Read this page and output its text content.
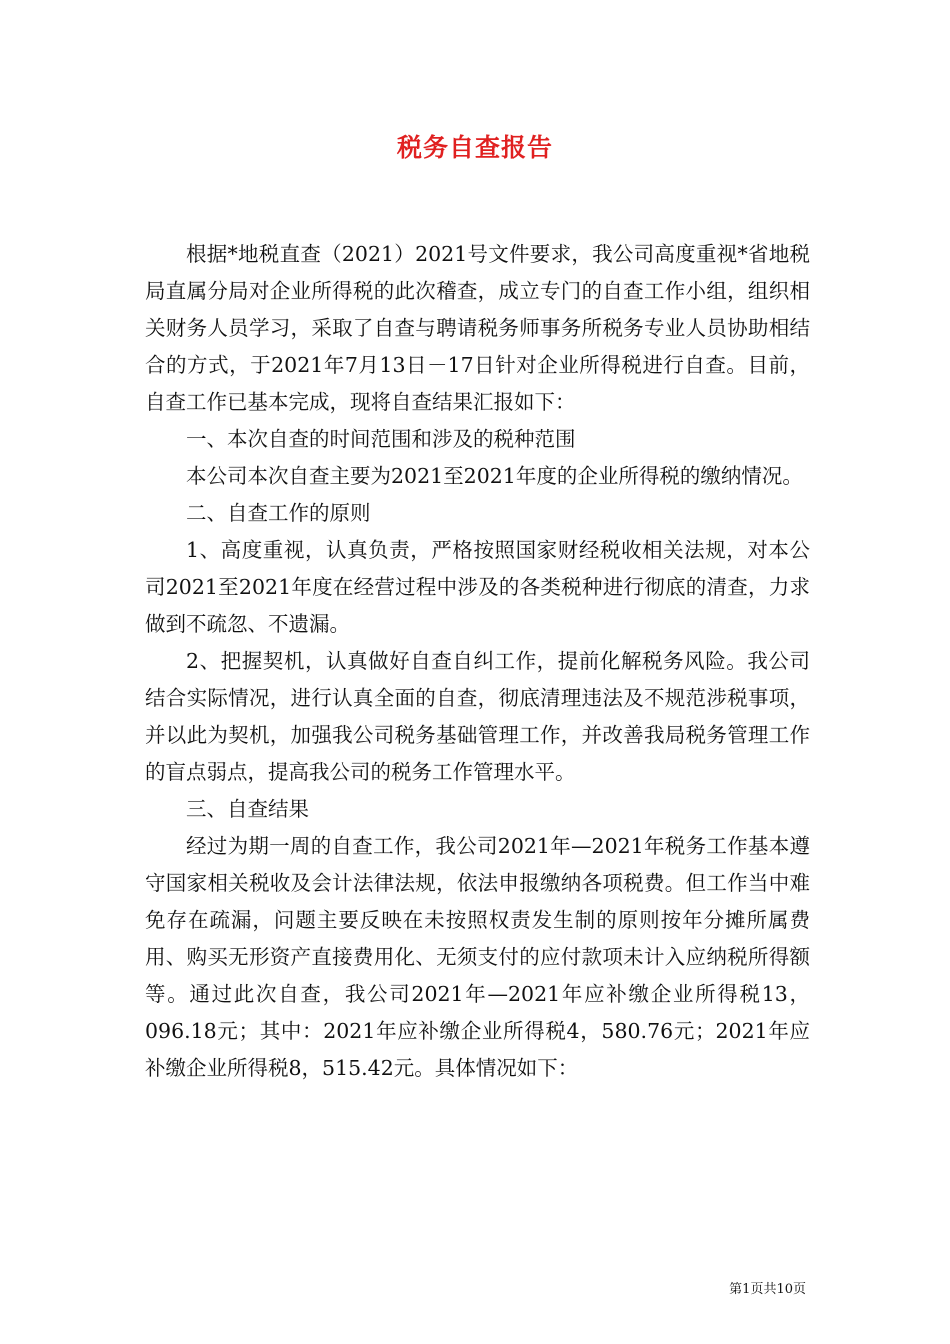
税务自查报告

根据*地税直查（2021）2021号文件要求，我公司高度重视*省地税局直属分局对企业所得税的此次稽查，成立专门的自查工作小组，组织相关财务人员学习，采取了自查与聘请税务师事务所税务专业人员协助相结合的方式，于2021年7月13日－17日针对企业所得税进行自查。目前，自查工作已基本完成，现将自查结果汇报如下：

一、本次自查的时间范围和涉及的税种范围

本公司本次自查主要为2021至2021年度的企业所得税的缴纳情况。

二、自查工作的原则

1、高度重视，认真负责，严格按照国家财经税收相关法规，对本公司2021至2021年度在经营过程中涉及的各类税种进行彻底的清查，力求做到不疏忽、不遗漏。

2、把握契机，认真做好自查自纠工作，提前化解税务风险。我公司结合实际情况，进行认真全面的自查，彻底清理违法及不规范涉税事项，并以此为契机，加强我公司税务基础管理工作，并改善我局税务管理工作的盲点弱点，提高我公司的税务工作管理水平。

三、自查结果

经过为期一周的自查工作，我公司2021年—2021年税务工作基本遵守国家相关税收及会计法律法规，依法申报缴纳各项税费。但工作当中难免存在疏漏，问题主要反映在未按照权责发生制的原则按年分摊所属费用、购买无形资产直接费用化、无须支付的应付款项未计入应纳税所得额等。通过此次自查，我公司2021年—2021年应补缴企业所得税13，096.18元；其中：2021年应补缴企业所得税4，580.76元；2021年应补缴企业所得税8，515.42元。具体情况如下：

第1页共10页
